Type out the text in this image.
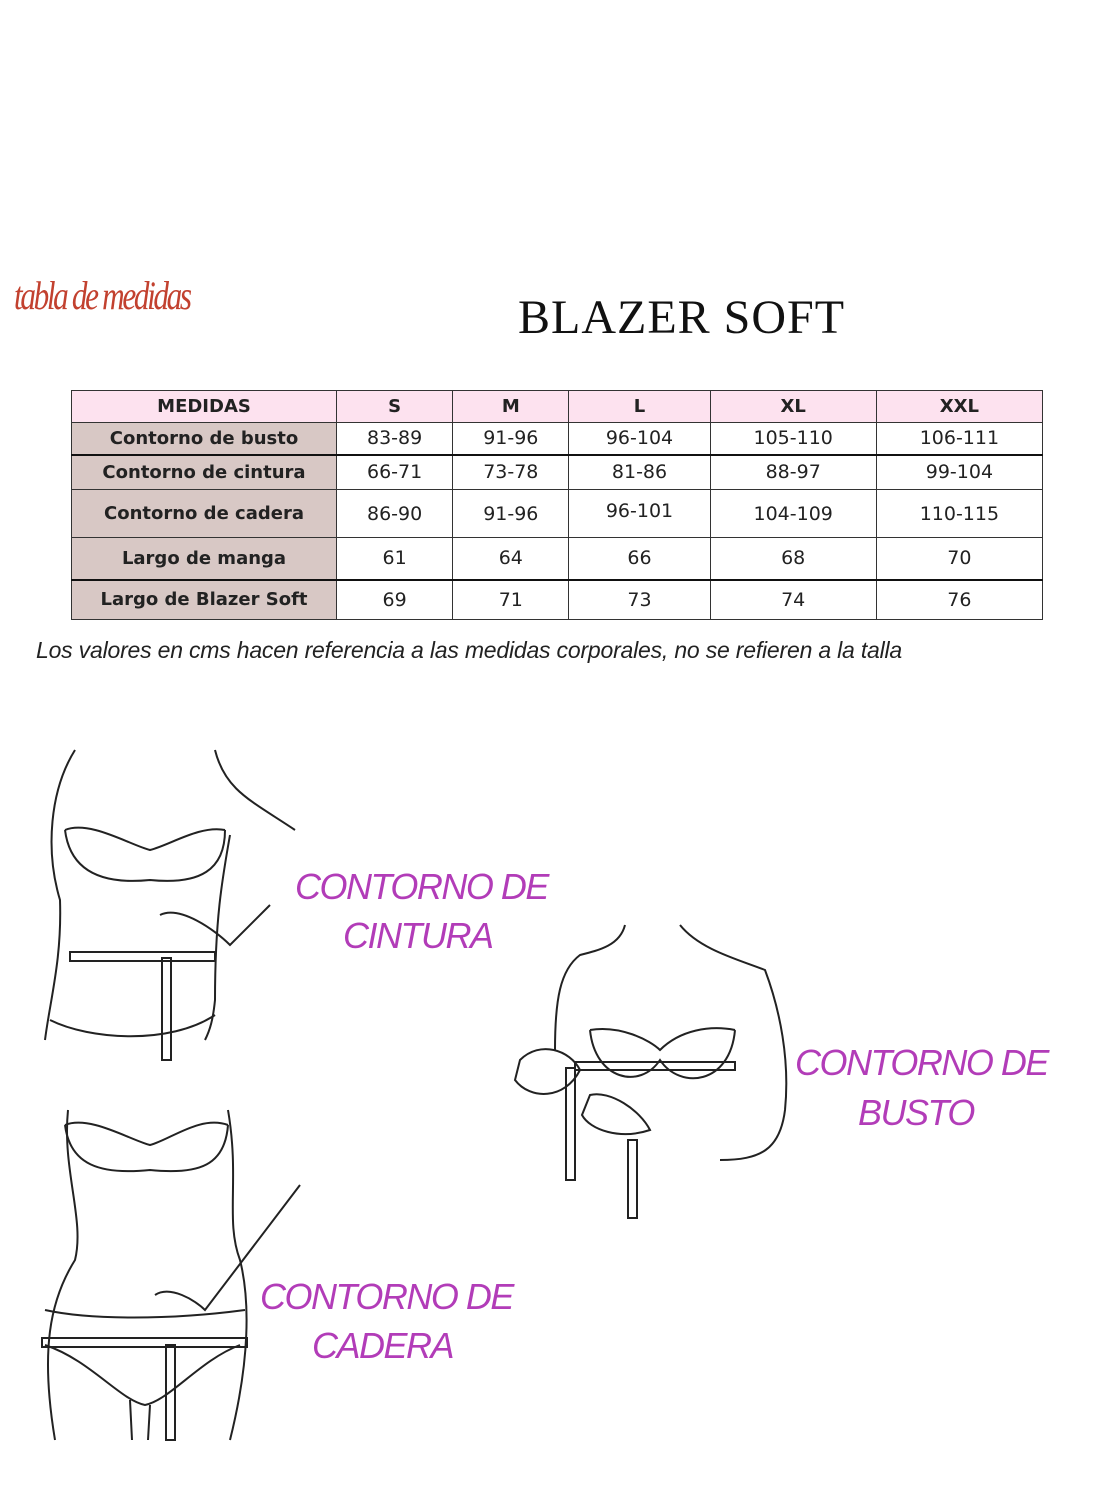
tabla de medidas	BLAZER SOFT
MEDIDAS	S	M	L	XL	XXL
Contorno de busto	83-89	91-96	96-104	105-110	106-111
Contorno de cintura	66-71	73-78	81-86	88-97	99-104
Contorno de cadera	86-90	91-96	96-101	104-109	110-115
Largo de manga	61	64	66	68	70
Largo de Blazer Soft	69	71	73	74	76
Los valores en cms hacen referencia a las medidas corporales, no se refieren a la talla
CONTORNO DE
CINTURA
CONTORNO DE
BUSTO
CONTORNO DE
CADERA
